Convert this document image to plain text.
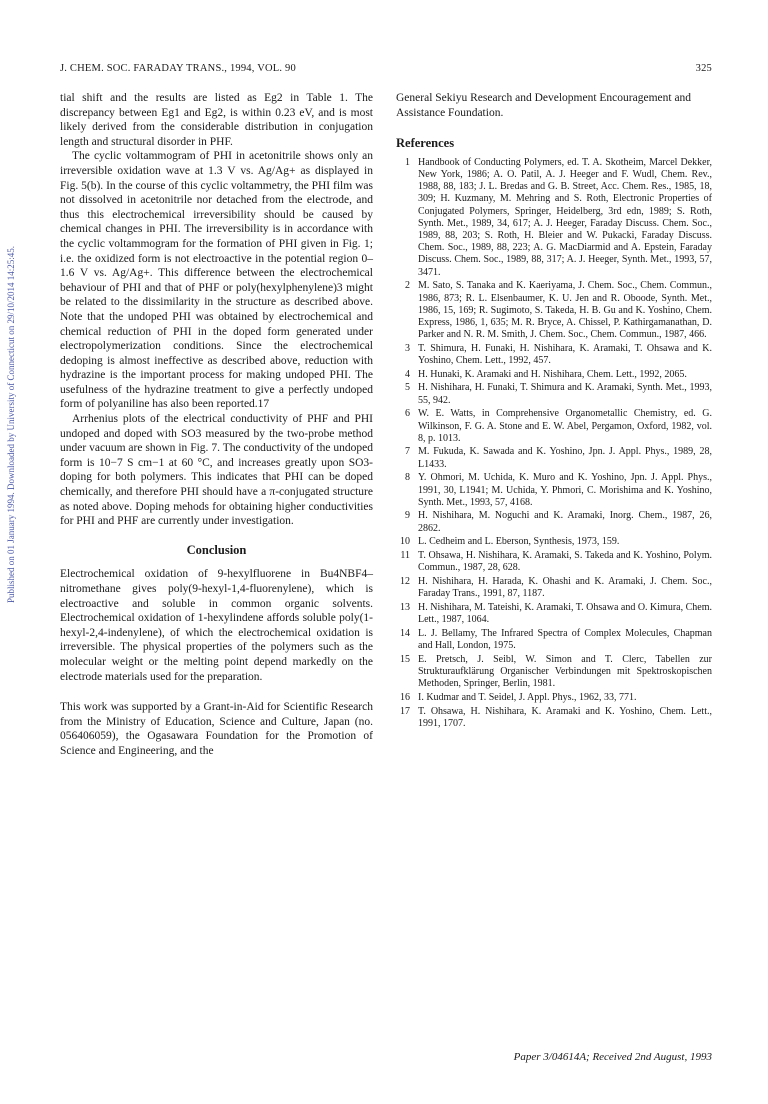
Published on 01 January 1994. Downloaded by University of Connecticut on 29/10/2014 14:25:45.
J. CHEM. SOC. FARADAY TRANS., 1994, VOL. 90	325

tial shift and the results are listed as Eg2 in Table 1. The discrepancy between Eg1 and Eg2, is within 0.23 eV, and is most likely derived from the considerable distribution in conjugation length and structural disorder in PHF.

The cyclic voltammogram of PHI in acetonitrile shows only an irreversible oxidation wave at 1.3 V vs. Ag/Ag+ as displayed in Fig. 5(b). In the course of this cyclic voltammetry, the PHI film was not dissolved in acetonitrile nor detached from the electrode, and thus this electrochemical irreversibility should be caused by chemical changes in PHI. The irreversibility is in accordance with the cyclic voltammogram for the formation of PHI given in Fig. 1; i.e. the oxidized form is not electroactive in the potential region 0–1.6 V vs. Ag/Ag+. This difference between the electrochemical behaviour of PHI and that of PHF or poly(hexylphenylene)3 might be related to the dissimilarity in the structure as described above. Note that the undoped PHI was obtained by electrochemical and chemical reduction of PHI in the doped form generated under electropolymerization conditions. Since the electrochemical dedoping is almost ineffective as described above, reduction with hydrazine is the important process for making undoped PHI. The usefulness of the hydrazine treatment to give a perfectly undoped form of polyaniline has also been reported.17

Arrhenius plots of the electrical conductivity of PHF and PHI undoped and doped with SO3 measured by the two-probe method under vacuum are shown in Fig. 7. The conductivity of the undoped form is 10−7 S cm−1 at 60 °C, and increases greatly upon SO3-doping for both polymers. This indicates that PHI can be doped chemically, and therefore PHI should have a π-conjugated structure as noted above. Doping mehods for obtaining higher conductivities for PHI and PHF are currently under investigation.

Conclusion

Electrochemical oxidation of 9-hexylfluorene in Bu4NBF4–nitromethane gives poly(9-hexyl-1,4-fluorenylene), which is electroactive and soluble in common organic solvents. Electrochemical oxidation of 1-hexylindene affords soluble poly(1-hexyl-2,4-indenylene), of which the electrochemical oxidation is irreversible. The physical properties of the polymers such as the molecular weight or the melting point depend markedly on the electrode materials used for the preparation.

This work was supported by a Grant-in-Aid for Scientific Research from the Ministry of Education, Science and Culture, Japan (no. 056406059), the Ogasawara Foundation for the Promotion of Science and Engineering, and the

General Sekiyu Research and Development Encouragement and Assistance Foundation.

References
1 Handbook of Conducting Polymers, ed. T. A. Skotheim, Marcel Dekker, New York, 1986; A. O. Patil, A. J. Heeger and F. Wudl, Chem. Rev., 1988, 88, 183; J. L. Bredas and G. B. Street, Acc. Chem. Res., 1985, 18, 309; H. Kuzmany, M. Mehring and S. Roth, Electronic Properties of Conjugated Polymers, Springer, Heidelberg, 3rd edn, 1989; S. Roth, Synth. Met., 1989, 34, 617; A. J. Heeger, Faraday Discuss. Chem. Soc., 1989, 88, 203; S. Roth, H. Bleier and W. Pukacki, Faraday Discuss. Chem. Soc., 1989, 88, 223; A. G. MacDiarmid and A. Epstein, Faraday Discuss. Chem. Soc., 1989, 88, 317; A. J. Heeger, Synth. Met., 1993, 57, 3471.
2 M. Sato, S. Tanaka and K. Kaeriyama, J. Chem. Soc., Chem. Commun., 1986, 873; R. L. Elsenbaumer, K. U. Jen and R. Oboode, Synth. Met., 1986, 15, 169; R. Sugimoto, S. Takeda, H. B. Gu and K. Yoshino, Chem. Express, 1986, 1, 635; M. R. Bryce, A. Chissel, P. Kathirgamanathan, D. Parker and N. R. M. Smith, J. Chem. Soc., Chem. Commun., 1987, 466.
3 T. Shimura, H. Funaki, H. Nishihara, K. Aramaki, T. Ohsawa and K. Yoshino, Chem. Lett., 1992, 457.
4 H. Hunaki, K. Aramaki and H. Nishihara, Chem. Lett., 1992, 2065.
5 H. Nishihara, H. Funaki, T. Shimura and K. Aramaki, Synth. Met., 1993, 55, 942.
6 W. E. Watts, in Comprehensive Organometallic Chemistry, ed. G. Wilkinson, F. G. A. Stone and E. W. Abel, Pergamon, Oxford, 1982, vol. 8, p. 1013.
7 M. Fukuda, K. Sawada and K. Yoshino, Jpn. J. Appl. Phys., 1989, 28, L1433.
8 Y. Ohmori, M. Uchida, K. Muro and K. Yoshino, Jpn. J. Appl. Phys., 1991, 30, L1941; M. Uchida, Y. Phmori, C. Morishima and K. Yoshino, Synth. Met., 1993, 57, 4168.
9 H. Nishihara, M. Noguchi and K. Aramaki, Inorg. Chem., 1987, 26, 2862.
10 L. Cedheim and L. Eberson, Synthesis, 1973, 159.
11 T. Ohsawa, H. Nishihara, K. Aramaki, S. Takeda and K. Yoshino, Polym. Commun., 1987, 28, 628.
12 H. Nishihara, H. Harada, K. Ohashi and K. Aramaki, J. Chem. Soc., Faraday Trans., 1991, 87, 1187.
13 H. Nishihara, M. Tateishi, K. Aramaki, T. Ohsawa and O. Kimura, Chem. Lett., 1987, 1064.
14 L. J. Bellamy, The Infrared Spectra of Complex Molecules, Chapman and Hall, London, 1975.
15 E. Pretsch, J. Seibl, W. Simon and T. Clerc, Tabellen zur Strukturaufklärung Organischer Verbindungen mit Spektroskopischen Methoden, Springer, Berlin, 1981.
16 I. Kudmar and T. Seidel, J. Appl. Phys., 1962, 33, 771.
17 T. Ohsawa, H. Nishihara, K. Aramaki and K. Yoshino, Chem. Lett., 1991, 1707.
Paper 3/04614A; Received 2nd August, 1993
